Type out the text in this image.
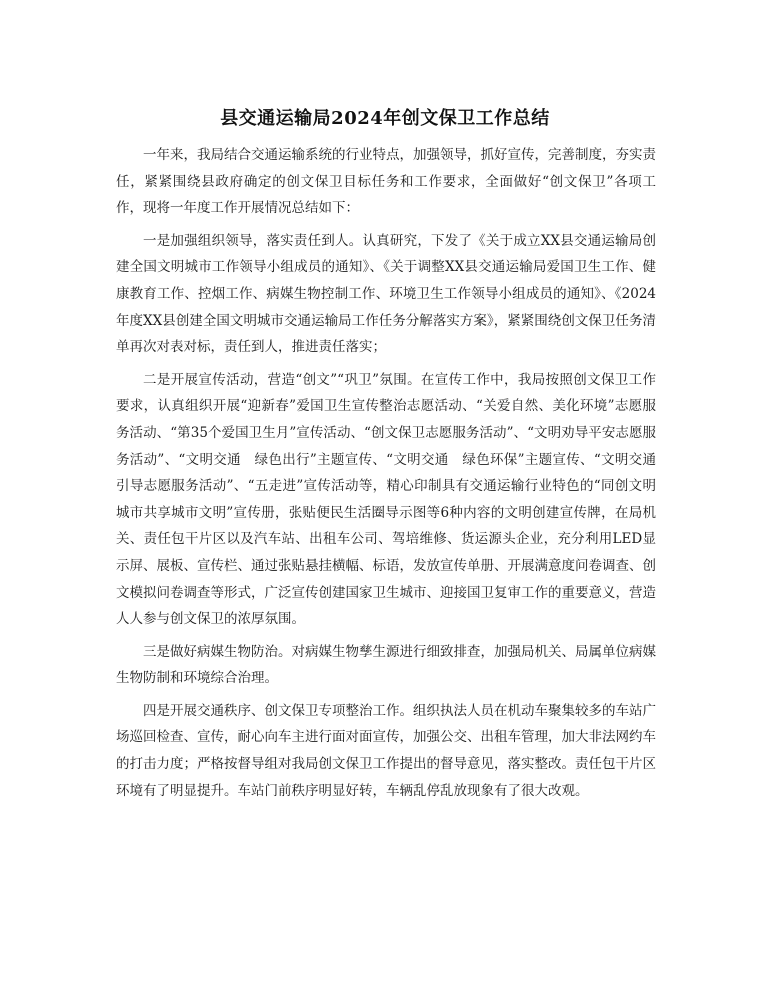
县交通运输局2024年创文保卫工作总结

一年来，我局结合交通运输系统的行业特点，加强领导，抓好宣传，完善制度，夯实责任，紧紧围绕县政府确定的创文保卫目标任务和工作要求，全面做好“创文保卫”各项工作，现将一年度工作开展情况总结如下：

一是加强组织领导，落实责任到人。认真研究，下发了《关于成立XX县交通运输局创建全国文明城市工作领导小组成员的通知》、《关于调整XX县交通运输局爱国卫生工作、健康教育工作、控烟工作、病媒生物控制工作、环境卫生工作领导小组成员的通知》、《2024年度XX县创建全国文明城市交通运输局工作任务分解落实方案》，紧紧围绕创文保卫任务清单再次对表对标，责任到人，推进责任落实；

二是开展宣传活动，营造“创文”“巩卫”氛围。在宣传工作中，我局按照创文保卫工作要求，认真组织开展“迎新春”爱国卫生宣传整治志愿活动、“关爱自然、美化环境”志愿服务活动、“第35个爱国卫生月”宣传活动、“创文保卫志愿服务活动”、“文明劝导平安志愿服务活动”、“文明交通　绿色出行”主题宣传、“文明交通　绿色环保”主题宣传、“文明交通引导志愿服务活动”、“五走进”宣传活动等，精心印制具有交通运输行业特色的“同创文明城市共享城市文明”宣传册，张贴便民生活圈导示图等6种内容的文明创建宣传牌，在局机关、责任包干片区以及汽车站、出租车公司、驾培维修、货运源头企业，充分利用LED显示屏、展板、宣传栏、通过张贴悬挂横幅、标语，发放宣传单册、开展满意度问卷调查、创文模拟问卷调查等形式，广泛宣传创建国家卫生城市、迎接国卫复审工作的重要意义，营造人人参与创文保卫的浓厚氛围。

三是做好病媒生物防治。对病媒生物孳生源进行细致排查，加强局机关、局属单位病媒生物防制和环境综合治理。

四是开展交通秩序、创文保卫专项整治工作。组织执法人员在机动车聚集较多的车站广场巡回检查、宣传，耐心向车主进行面对面宣传，加强公交、出租车管理，加大非法网约车的打击力度；严格按督导组对我局创文保卫工作提出的督导意见，落实整改。责任包干片区环境有了明显提升。车站门前秩序明显好转，车辆乱停乱放现象有了很大改观。
